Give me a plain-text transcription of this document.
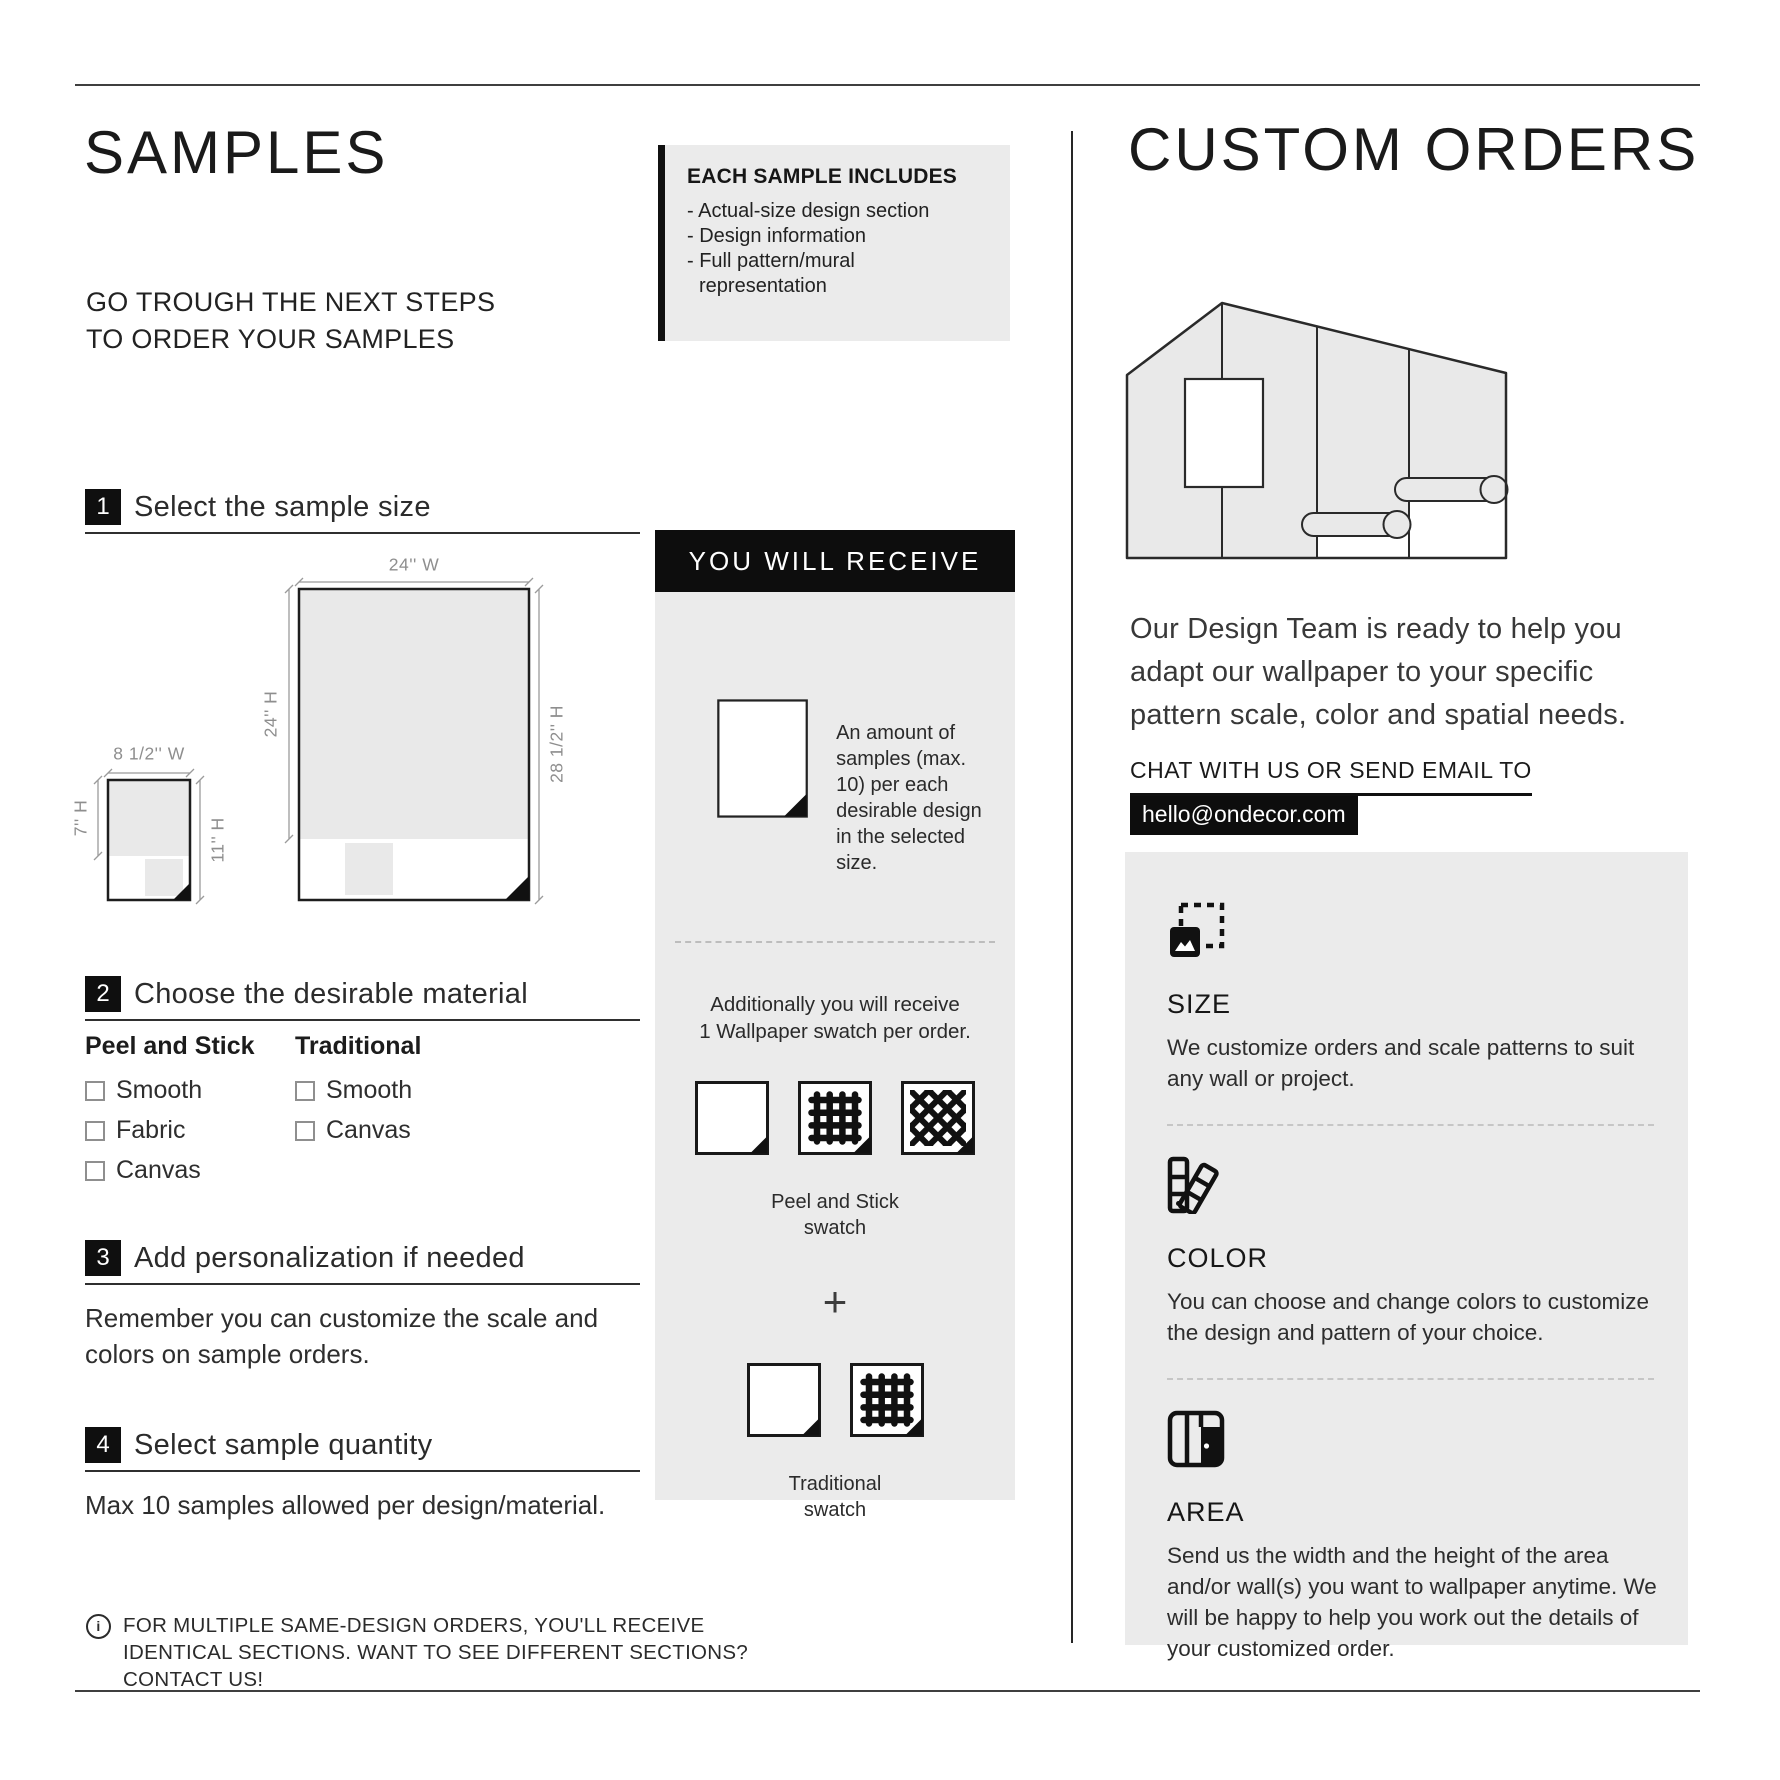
SAMPLES
GO TROUGH THE NEXT STEPS
TO ORDER YOUR SAMPLES
EACH SAMPLE INCLUDES
- Actual-size design section
- Design information
- Full pattern/mural representation
1 Select the sample size
24'' W
24'' H	28 1/2'' H
8 1/2'' W
7'' H	11'' H
2 Choose the desirable material
Peel and Stick
Smooth
Fabric
Canvas
Traditional
Smooth
Canvas
3 Add personalization if needed
Remember you can customize the scale and colors on sample orders.
4 Select sample quantity
Max 10 samples allowed per design/material.
i	FOR MULTIPLE SAME-DESIGN ORDERS, YOU'LL RECEIVE IDENTICAL SECTIONS. WANT TO SEE DIFFERENT SECTIONS? CONTACT US!
YOU WILL RECEIVE
An amount of samples (max. 10) per each desirable design in the selected size.
Additionally you will receive
1 Wallpaper swatch per order.
Peel and Stick
swatch
+
Traditional
swatch
CUSTOM ORDERS
Our Design Team is ready to help you adapt our wallpaper to your specific pattern scale, color and spatial needs.
CHAT WITH US OR SEND EMAIL TO
hello@ondecor.com
SIZE
We customize orders and scale patterns to suit any wall or project.
COLOR
You can choose and change colors to customize the design and pattern of your choice.
AREA
Send us the width and the height of the area and/or wall(s) you want to wallpaper anytime. We will be happy to help you work out the details of your customized order.
